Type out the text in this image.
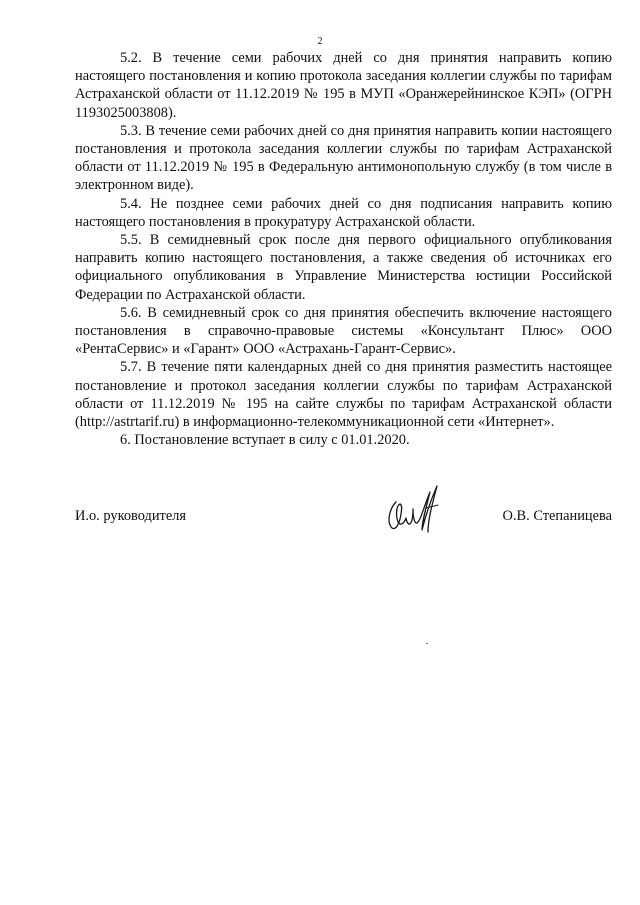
2

5.2. В течение семи рабочих дней со дня принятия направить копию настоящего постановления и копию протокола заседания коллегии службы по тарифам Астраханской области от 11.12.2019 № 195 в МУП «Оранжерейнинское КЭП» (ОГРН 1193025003808).

5.3. В течение семи рабочих дней со дня принятия направить копии настоящего постановления и протокола заседания коллегии службы по тарифам Астраханской области от 11.12.2019 № 195 в Федеральную антимонопольную службу (в том числе в электронном виде).

5.4. Не позднее семи рабочих дней со дня подписания направить копию настоящего постановления в прокуратуру Астраханской области.

5.5. В семидневный срок после дня первого официального опубликования направить копию настоящего постановления, а также сведения об источниках его официального опубликования в Управление Министерства юстиции Российской Федерации по Астраханской области.

5.6. В семидневный срок со дня принятия обеспечить включение настоящего постановления в справочно-правовые системы «Консультант Плюс» ООО «РентаСервис» и «Гарант» ООО «Астрахань-Гарант-Сервис».

5.7. В течение пяти календарных дней со дня принятия разместить настоящее постановление и протокол заседания коллегии службы по тарифам Астраханской области от 11.12.2019 № 195 на сайте службы по тарифам Астраханской области (http://astrtarif.ru) в информационно-телекоммуникационной сети «Интернет».

6. Постановление вступает в силу с 01.01.2020.

И.о. руководителя	О.В. Степаницева
